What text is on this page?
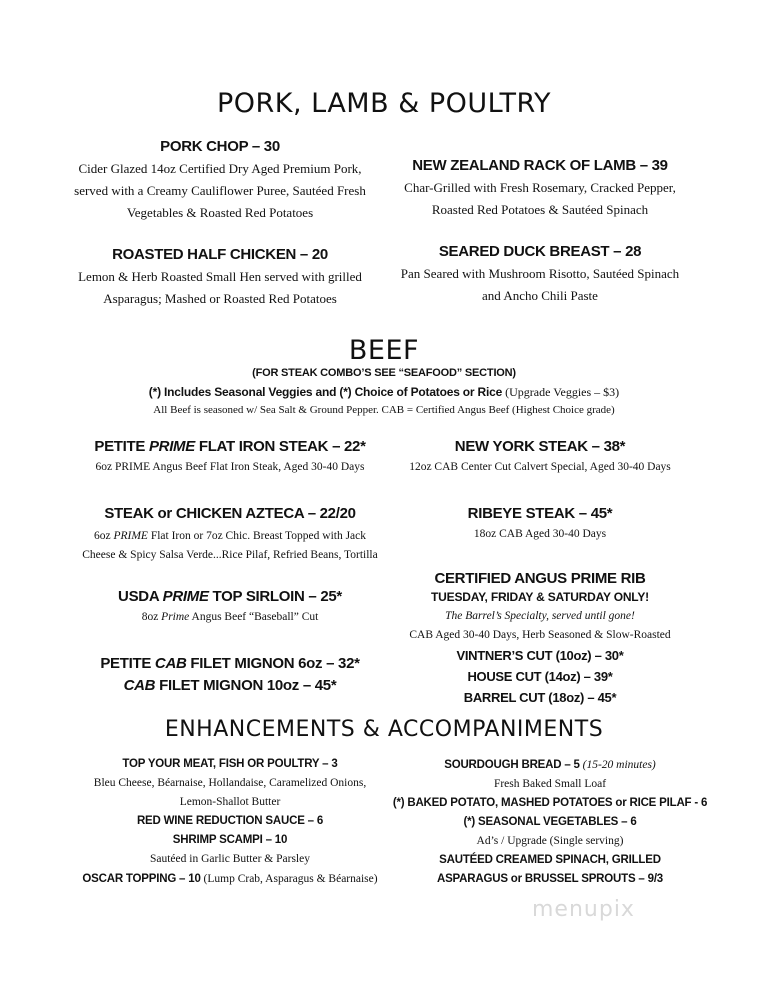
PORK, LAMB & POULTRY
PORK CHOP – 30
Cider Glazed 14oz Certified Dry Aged Premium Pork,
served with a Creamy Cauliflower Puree, Sautéed Fresh
Vegetables & Roasted Red Potatoes
NEW ZEALAND RACK OF LAMB – 39
Char-Grilled with Fresh Rosemary, Cracked Pepper,
Roasted Red Potatoes & Sautéed Spinach
ROASTED HALF CHICKEN – 20
Lemon & Herb Roasted Small Hen served with grilled
Asparagus; Mashed or Roasted Red Potatoes
SEARED DUCK BREAST – 28
Pan Seared with Mushroom Risotto, Sautéed Spinach
and Ancho Chili Paste
BEEF
(FOR STEAK COMBO’S SEE “SEAFOOD” SECTION)
(*) Includes Seasonal Veggies and (*) Choice of Potatoes or Rice (Upgrade Veggies – $3)
All Beef is seasoned w/ Sea Salt & Ground Pepper. CAB = Certified Angus Beef (Highest Choice grade)
PETITE PRIME FLAT IRON STEAK – 22*
6oz PRIME Angus Beef Flat Iron Steak, Aged 30-40 Days
STEAK or CHICKEN AZTECA – 22/20
6oz PRIME Flat Iron or 7oz Chic. Breast Topped with Jack
Cheese & Spicy Salsa Verde...Rice Pilaf, Refried Beans, Tortilla
USDA PRIME TOP SIRLOIN – 25*
8oz Prime Angus Beef “Baseball” Cut
PETITE CAB FILET MIGNON 6oz – 32*
CAB FILET MIGNON 10oz – 45*
NEW YORK STEAK – 38*
12oz CAB Center Cut Calvert Special, Aged 30-40 Days
RIBEYE STEAK – 45*
18oz CAB Aged 30-40 Days
CERTIFIED ANGUS PRIME RIB
TUESDAY, FRIDAY & SATURDAY ONLY!
The Barrel’s Specialty, served until gone!
CAB Aged 30-40 Days, Herb Seasoned & Slow-Roasted
VINTNER’S CUT (10oz) – 30*
HOUSE CUT (14oz) – 39*
BARREL CUT (18oz) – 45*
ENHANCEMENTS & ACCOMPANIMENTS
TOP YOUR MEAT, FISH OR POULTRY – 3
Bleu Cheese, Béarnaise, Hollandaise, Caramelized Onions,
Lemon-Shallot Butter
RED WINE REDUCTION SAUCE – 6
SHRIMP SCAMPI – 10
Sautéed in Garlic Butter & Parsley
OSCAR TOPPING – 10 (Lump Crab, Asparagus & Béarnaise)
SOURDOUGH BREAD – 5 (15-20 minutes)
Fresh Baked Small Loaf
(*) BAKED POTATO, MASHED POTATOES or RICE PILAF - 6
(*) SEASONAL VEGETABLES – 6
Ad’s / Upgrade (Single serving)
SAUTÉED CREAMED SPINACH, GRILLED
ASPARAGUS or BRUSSEL SPROUTS – 9/3
menupix
